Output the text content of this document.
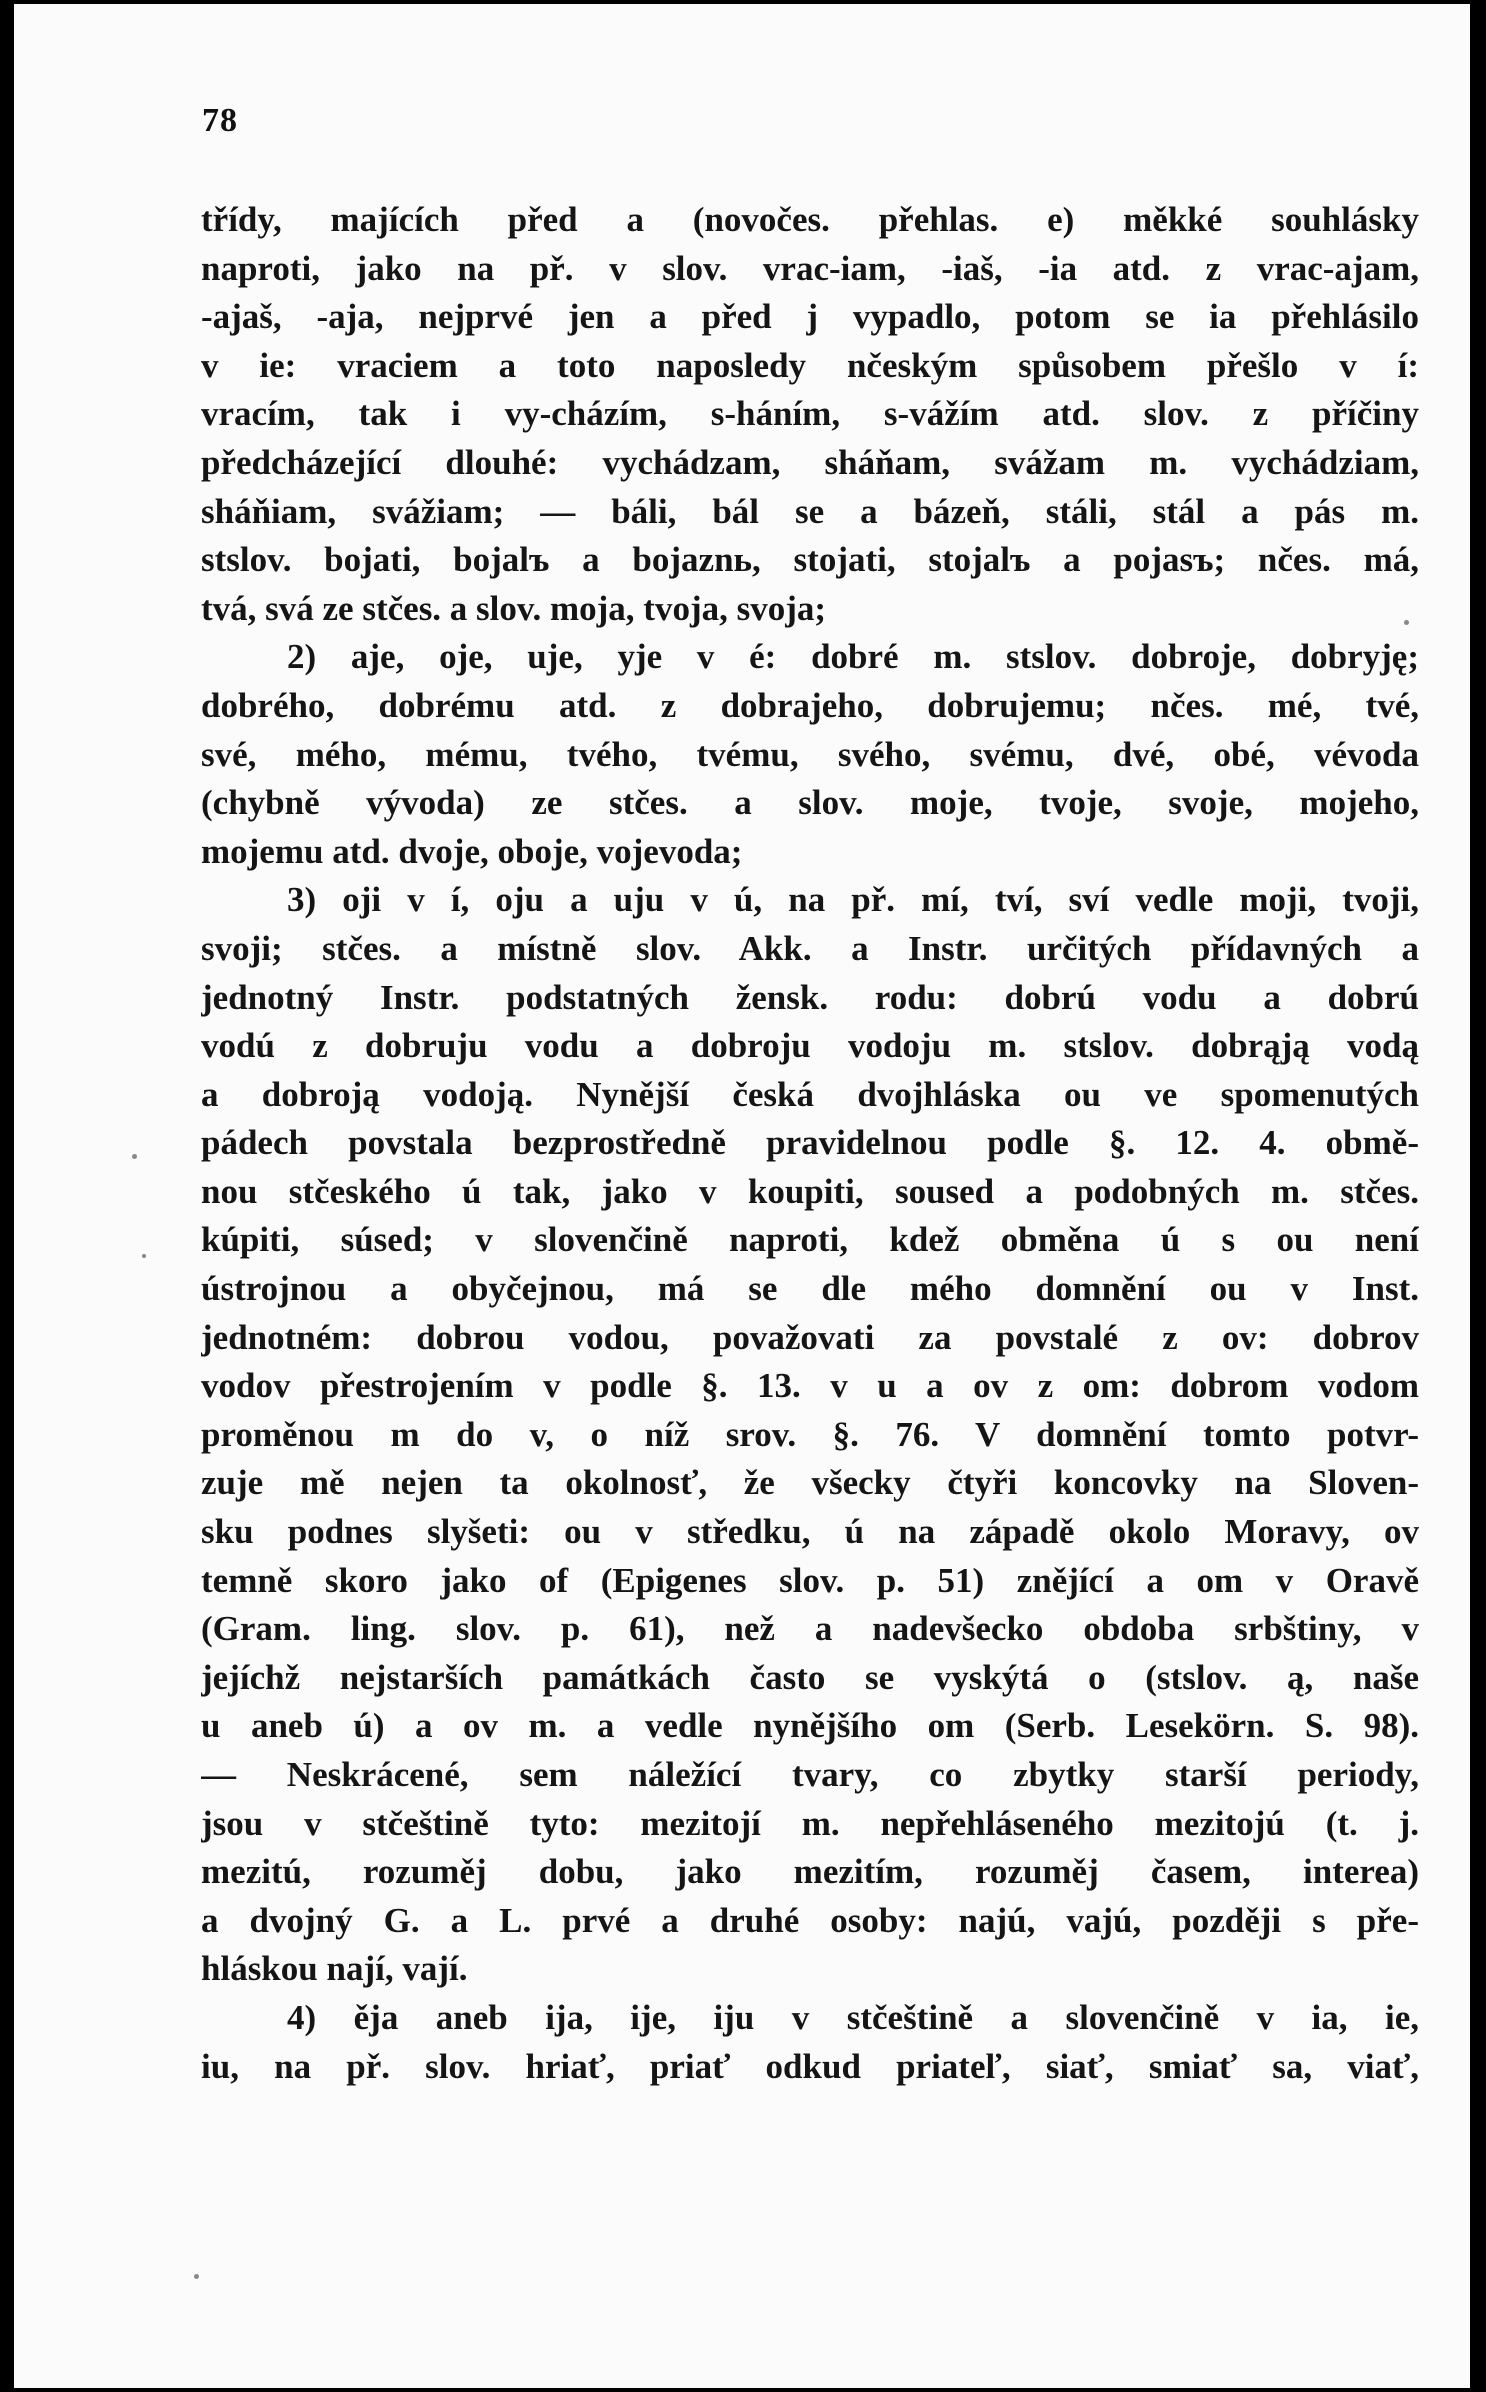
78
třídy, majících před a (novočes. přehlas. e) měkké souhlásky
naproti, jako na př. v slov. vrac-iam, -iaš, -ia atd. z vrac-ajam,
-ajaš, -aja, nejprvé jen a před j vypadlo, potom se ia přehlásilo
v ie: vraciem a toto naposledy nčeským spůsobem přešlo v í:
vracím, tak i vy-cházím, s-háním, s-vážím atd. slov. z příčiny
předcházející dlouhé: vychádzam, sháňam, svážam m. vychádziam,
sháňiam, svážiam; — báli, bál se a bázeň, stáli, stál a pás m.
stslov. bojati, bojalъ a bojaznь, stojati, stojalъ a pojasъ; nčes. má,
tvá, svá ze stčes. a slov. moja, tvoja, svoja;
2) aje, oje, uje, yje v é: dobré m. stslov. dobroje, dobryję;
dobrého, dobrému atd. z dobrajeho, dobrujemu; nčes. mé, tvé,
své, mého, mému, tvého, tvému, svého, svému, dvé, obé, vévoda
(chybně vývoda) ze stčes. a slov. moje, tvoje, svoje, mojeho,
mojemu atd. dvoje, oboje, vojevoda;
3) oji v í, oju a uju v ú, na př. mí, tví, sví vedle moji, tvoji,
svoji; stčes. a místně slov. Akk. a Instr. určitých přídavných a
jednotný Instr. podstatných žensk. rodu: dobrú vodu a dobrú
vodú z dobruju vodu a dobroju vodoju m. stslov. dobrąją vodą
a dobroją vodoją. Nynější česká dvojhláska ou ve spomenutých
pádech povstala bezprostředně pravidelnou podle §. 12. 4. obmě-
nou stčeského ú tak, jako v koupiti, soused a podobných m. stčes.
kúpiti, súsed; v slovenčině naproti, kdež obměna ú s ou není
ústrojnou a obyčejnou, má se dle mého domnění ou v Inst.
jednotném: dobrou vodou, považovati za povstalé z ov: dobrov
vodov přestrojením v podle §. 13. v u a ov z om: dobrom vodom
proměnou m do v, o níž srov. §. 76. V domnění tomto potvr-
zuje mě nejen ta okolnosť, že všecky čtyři koncovky na Sloven-
sku podnes slyšeti: ou v středku, ú na západě okolo Moravy, ov
temně skoro jako of (Epigenes slov. p. 51) znějící a om v Oravě
(Gram. ling. slov. p. 61), než a nadevšecko obdoba srbštiny, v
jejíchž nejstarších památkách často se vyskýtá o (stslov. ą, naše
u aneb ú) a ov m. a vedle nynějšího om (Serb. Lesekörn. S. 98).
— Neskrácené, sem náležící tvary, co zbytky starší periody,
jsou v stčeštině tyto: mezitojí m. nepřehláseného mezitojú (t. j.
mezitú, rozuměj dobu, jako mezitím, rozuměj časem, interea)
a dvojný G. a L. prvé a druhé osoby: najú, vajú, později s pře-
hláskou nají, vají.
4) ěja aneb ija, ije, iju v stčeštině a slovenčině v ia, ie,
iu, na př. slov. hriať, priať odkud priateľ, siať, smiať sa, viať,
